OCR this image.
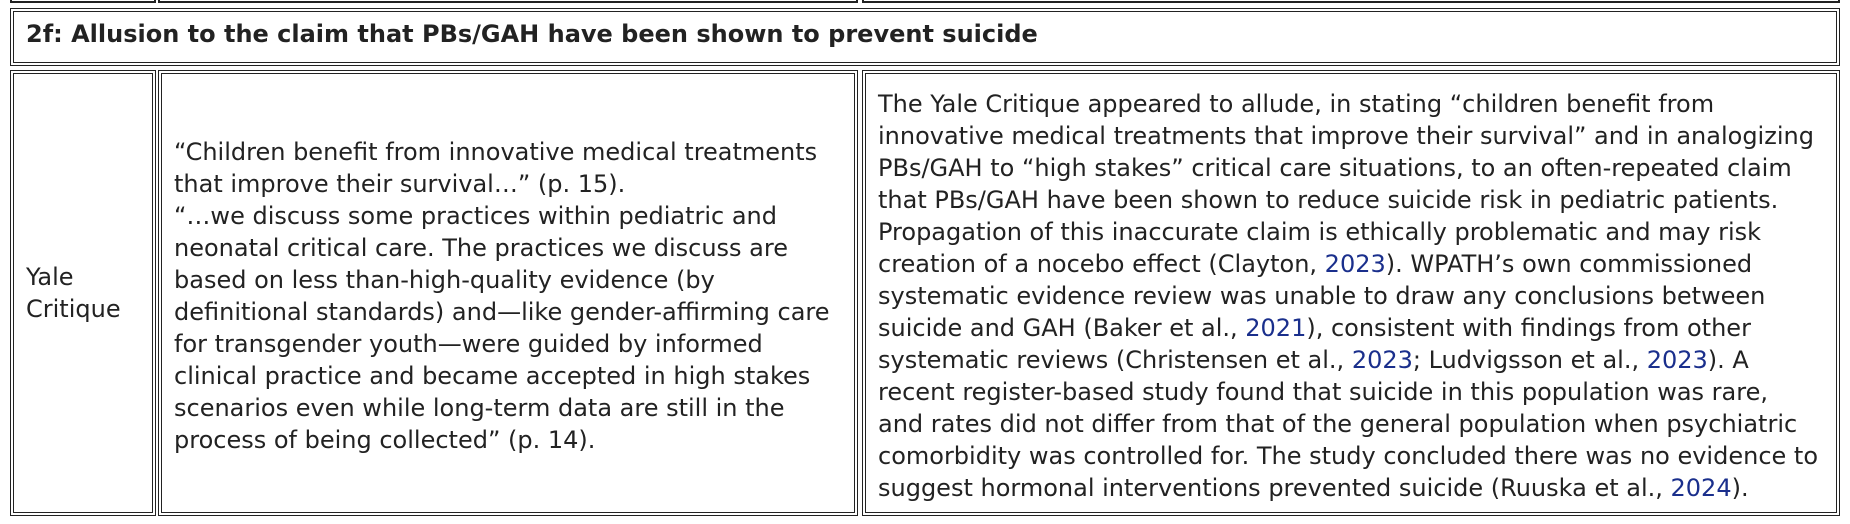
2f: Allusion to the claim that PBs/GAH have been shown to prevent suicide
Yale
Critique

“Children benefit from innovative medical treatments

that improve their survival…” (p. 15).

“…we discuss some practices within pediatric and

neonatal critical care. The practices we discuss are

based on less than-high-quality evidence (by

definitional standards) and—like gender-affirming care

for transgender youth—were guided by informed

clinical practice and became accepted in high stakes

scenarios even while long-term data are still in the

process of being collected” (p. 14).

The Yale Critique appeared to allude, in stating “children benefit from

innovative medical treatments that improve their survival” and in analogizing

PBs/GAH to “high stakes” critical care situations, to an often-repeated claim

that PBs/GAH have been shown to reduce suicide risk in pediatric patients.

Propagation of this inaccurate claim is ethically problematic and may risk

creation of a nocebo effect (Clayton, 2023). WPATH’s own commissioned

systematic evidence review was unable to draw any conclusions between

suicide and GAH (Baker et al., 2021), consistent with findings from other

systematic reviews (Christensen et al., 2023; Ludvigsson et al., 2023). A

recent register-based study found that suicide in this population was rare,

and rates did not differ from that of the general population when psychiatric

comorbidity was controlled for. The study concluded there was no evidence to

suggest hormonal interventions prevented suicide (Ruuska et al., 2024).
